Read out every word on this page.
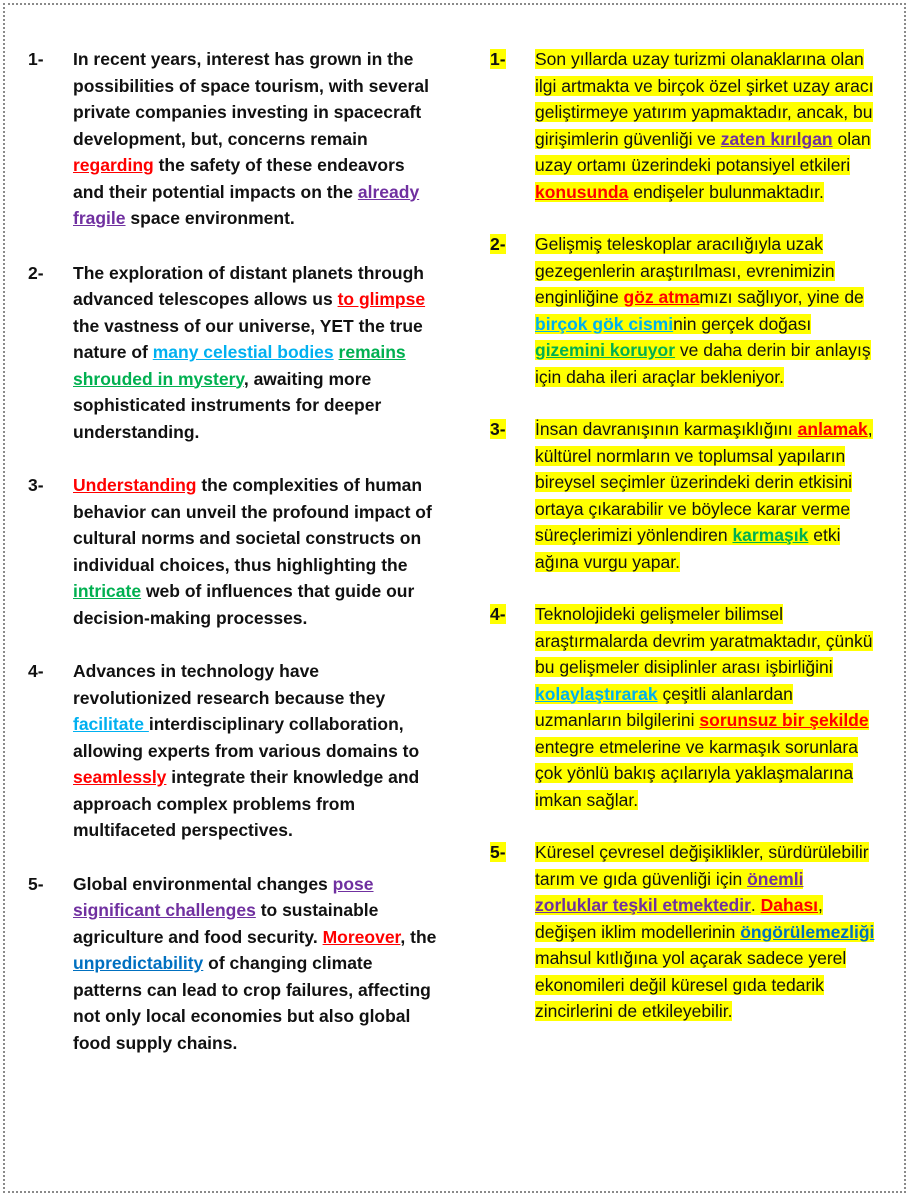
1-	In recent years, interest has grown in the possibilities of space tourism, with several private companies investing in spacecraft development, but, concerns remain regarding the safety of these endeavors and their potential impacts on the already fragile space environment.
2-	The exploration of distant planets through advanced telescopes allows us to glimpse the vastness of our universe, YET the true nature of many celestial bodies remains shrouded in mystery, awaiting more sophisticated instruments for deeper understanding.
3-	Understanding the complexities of human behavior can unveil the profound impact of cultural norms and societal constructs on individual choices, thus highlighting the intricate web of influences that guide our decision-making processes.
4-	Advances in technology have revolutionized research because they facilitate interdisciplinary collaboration, allowing experts from various domains to seamlessly integrate their knowledge and approach complex problems from multifaceted perspectives.
5-	Global environmental changes pose significant challenges to sustainable agriculture and food security. Moreover, the unpredictability of changing climate patterns can lead to crop failures, affecting not only local economies but also global food supply chains.
1-	Son yıllarda uzay turizmi olanaklarına olan ilgi artmakta ve birçok özel şirket uzay aracı geliştirmeye yatırım yapmaktadır, ancak, bu girişimlerin güvenliği ve zaten kırılgan olan uzay ortamı üzerindeki potansiyel etkileri konusunda endişeler bulunmaktadır.
2-	Gelişmiş teleskoplar aracılığıyla uzak gezegenlerin araştırılması, evrenimizin enginliğine göz atmamızı sağlıyor, yine de birçok gök cisminin gerçek doğası gizemini koruyor ve daha derin bir anlayış için daha ileri araçlar bekleniyor.
3-	İnsan davranışının karmaşıklığını anlamak, kültürel normların ve toplumsal yapıların bireysel seçimler üzerindeki derin etkisini ortaya çıkarabilir ve böylece karar verme süreçlerimizi yönlendiren karmaşık etki ağına vurgu yapar.
4-	Teknolojideki gelişmeler bilimsel araştırmalarda devrim yaratmaktadır, çünkü bu gelişmeler disiplinler arası işbirliğini kolaylaştırarak çeşitli alanlardan uzmanların bilgilerini sorunsuz bir şekilde entegre etmelerine ve karmaşık sorunlara çok yönlü bakış açılarıyla yaklaşmalarına imkan sağlar.
5-	Küresel çevresel değişiklikler, sürdürülebilir tarım ve gıda güvenliği için önemli zorluklar teşkil etmektedir. Dahası, değişen iklim modellerinin öngörülemezliği mahsul kıtlığına yol açarak sadece yerel ekonomileri değil küresel gıda tedarik zincirlerini de etkileyebilir.
